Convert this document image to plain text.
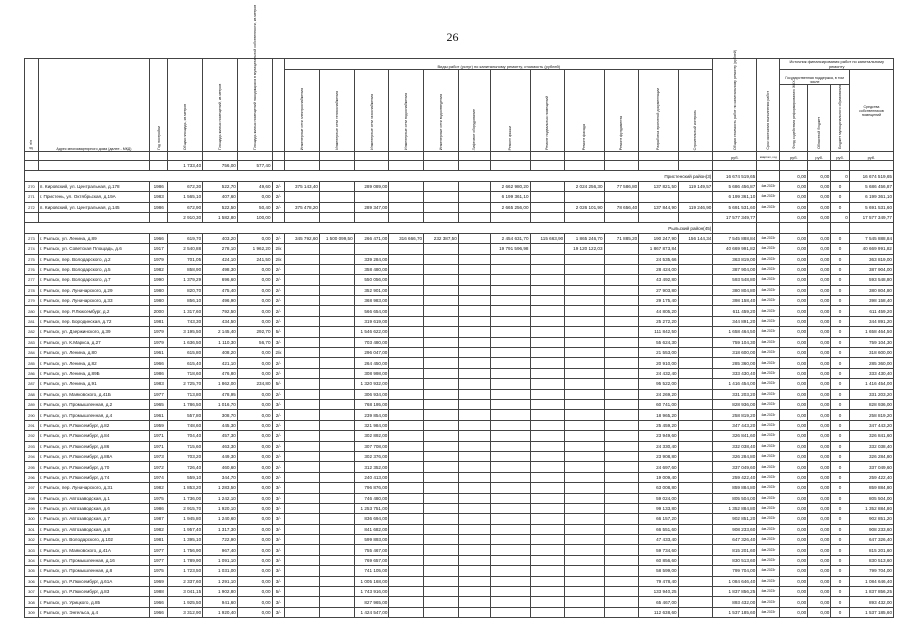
26
№ п/п	Адрес многоквартирного дома (далее - МКД)	Год постройки	Общая площадь, кв.метров	Площадь жилых помещений, кв.метров	Площадь жилых помещений находящихся в муниципальной собственности, кв.метров		Виды работ (услуг) по капитальному ремонту, стоимость (рублей)												Общая стоимость работ по капитальному ремонту (рублей)	Срок окончания выполнения работ	Источник финансирования работ по капитальному ремонту			
							Инженерные сети электроснабжения	Инженерные сети теплоснабжения	Инженерные сети газоснабжения	Инженерные сети водоснабжения	Инженерные сети водоотведения	Лифтовое оборудование	Ремонт крыши	Ремонт подвальных помещений	Ремонт фасада	Ремонт фундамента	Разработка проектной документации	Строительный контроль			Государственная поддержка, в том числе			Средства собственников помещений
																					Фонд содействия реформированию ЖКХ	Областной бюджет	Бюджет муниципального образования	
																			руб.	квартал, год	руб.	руб.	руб.	руб.
			1 733,40	756,00	577,40																			
Пристенский район(3)																			16 674 519,65		0,00	0,00	0	16 674 519,65
270	п. Кировский, ул. Центральная, д.178	1986	672,30	522,70	49,60	2/-	375 143,40		289 089,00				2 662 980,20		2 024 256,30	77 586,80	137 821,50	119 149,57	5 686 456,87	4кв.2023г	0,00	0,00	0	5 686 456,87
271	г. Пристень, ул. Октябрьская, д.19А	1983	1 565,10	407,60	0,00	2/-							6 199 361,10						6 199 361,10	4кв.2023г	0,00	0,00	0	6 199 361,10
272	п. Кировский, ул. Центральная, д.145	1986	672,90	522,50	50,40	2/-	375 478,20		289 347,00				2 665 256,00		2 026 101,90	78 656,40	137 844,90	119 246,90	5 691 531,60	4кв.2023г	0,00	0,00	0	5 691 531,60
			2 910,30	1 582,80	100,00														17 577 349,77		0,00	0,00	0	17 577 349,77
Рыльский район(45)																								
273	г. Рыльск, ул. Ленина, д.89	1966	619,70	403,20	0,00	2/-	345 792,60	1 500 099,50	266 471,00	316 666,70	232 387,50		2 454 631,70	115 663,90	1 865 246,70	71 885,20	190 247,90	156 144,34	7 545 888,84	4кв.2023г	0,00	0,00	0	7 545 888,84
274	г. Рыльск, ул. Советская Площадь, д.6	1917	2 540,88	278,10	1 962,20	2/к							19 791 596,98		19 120 122,03		1 867 873,84		40 669 991,82	4кв.2023г	0,00	0,00	0	40 669 991,82
275	г. Рыльск, пер. Володарского, д.2	1979	701,05	424,10	241,50	2/к			339 284,00								24 535,66		363 819,00	4кв.2023г	0,00	0,00	0	363 819,00
276	г. Рыльск, пер. Володарского, д.5	1982	858,90	498,30	0,00	2/-			358 480,00								28 424,00		387 904,00	4кв.2023г	0,00	0,00	0	387 904,00
277	г. Рыльск, пер. Володарского, д.7	1990	1 379,29	696,60	0,00	2/-			550 056,00								43 492,80		593 548,80	4кв.2023г	0,00	0,00	0	593 548,80
278	г. Рыльск, пер. Луначарского, д.29	1980	820,70	475,40	0,00	2/-			352 901,00								27 903,80		380 804,80	4кв.2023г	0,00	0,00	0	380 804,80
279	г. Рыльск, пер. Луначарского, д.33	1980	856,10	496,90	0,00	2/-			368 983,00								29 175,40		398 158,40	4кв.2023г	0,00	0,00	0	398 158,40
280	г. Рыльск, пер. Р.Люксембург, д.2	2000	1 317,60	792,50	0,00	2/-			566 654,00								44 805,20		611 459,20	4кв.2023г	0,00	0,00	0	611 459,20
281	г. Рыльск, пер. Бородинская, д.72	1981	743,30	434,50	0,00	2/-			319 619,00								25 272,20		344 891,20	4кв.2023г	0,00	0,00	0	344 891,20
282	г. Рыльск, ул. Дзержинского, д.39	1979	3 195,50	2 145,40	292,70	5/-			1 546 622,00								111 842,50		1 658 464,50	4кв.2023г	0,00	0,00	0	1 658 464,50
283	г. Рыльск, ул. К.Маркса, д.27	1979	1 636,50	1 110,30	56,70	3/-			703 480,00								55 624,30		759 104,30	4кв.2023г	0,00	0,00	0	759 104,30
284	г. Рыльск, ул. Ленина, д.80	1961	615,80	408,20	0,00	2/к			296 047,00								21 553,00		318 600,00	4кв.2023г	0,00	0,00	0	318 600,00
285	г. Рыльск, ул. Ленина, д.82	1966	615,40	421,10	0,00	2/-			264 450,00								20 910,00		285 360,00	4кв.2023г	0,00	0,00	0	285 360,00
286	г. Рыльск, ул. Ленина, д.89Б	1986	718,60	476,80	0,00	2/-			308 998,00								24 432,40		333 430,40	4кв.2023г	0,00	0,00	0	333 430,40
287	г. Рыльск, ул. Ленина, д.91	1983	2 725,70	1 862,00	234,80	5/-			1 320 932,00								95 522,00		1 416 454,00	4кв.2023г	0,00	0,00	0	1 416 454,00
288	г. Рыльск, ул. Маяковского, д.41Б	1977	713,80	478,95	0,00	2/-			306 934,00								24 269,20		331 203,20	4кв.2023г	0,00	0,00	0	331 203,20
289	г. Рыльск, ул. Промышленная, д.2	1965	1 786,50	1 016,70	0,00	3/-			768 195,00								60 741,00		828 936,00	4кв.2023г	0,00	0,00	0	828 936,00
290	г. Рыльск, ул. Промышленная, д.4	1961	557,80	308,70	0,00	2/-			239 854,00								18 965,20		258 819,20	4кв.2023г	0,00	0,00	0	258 819,20
291	г. Рыльск, ул. Р.Люксембург, д.82	1959	748,60	445,30	0,00	2/-			321 984,00								25 459,20		347 443,20	4кв.2023г	0,00	0,00	0	347 443,20
292	г. Рыльск, ул. Р.Люксембург, д.84	1971	704,40	457,30	0,00	2/-			302 892,00								23 949,60		326 841,60	4кв.2023г	0,00	0,00	0	326 841,60
293	г. Рыльск, ул. Р.Люксембург, д.86	1971	715,60	463,30	0,00	2/-			307 708,00								24 330,40		332 038,40	4кв.2023г	0,00	0,00	0	332 038,40
294	г. Рыльск, ул. Р.Люксембург, д.88А	1973	703,20	449,30	0,00	2/-			302 376,00								23 908,80		326 284,80	4кв.2023г	0,00	0,00	0	326 284,80
295	г. Рыльск, ул. Р.Люксембург, д.70	1972	726,40	460,60	0,00	2/-			312 352,00								24 697,60		337 049,60	4кв.2023г	0,00	0,00	0	337 049,60
296	г. Рыльск, ул. Р.Люксембург, д.74	1974	559,10	344,70	0,00	2/-			240 413,00								19 009,40		259 422,40	4кв.2023г	0,00	0,00	0	259 422,40
297	г. Рыльск, пер. Луначарского, д.31	1982	1 853,20	1 283,50	0,00	3/-			796 876,00								63 008,80		859 884,80	4кв.2023г	0,00	0,00	0	859 884,80
298	г. Рыльск, ул. Автозаводская, д.1	1975	1 736,00	1 242,10	0,00	3/-			746 480,00								59 024,00		805 504,00	4кв.2023г	0,00	0,00	0	805 504,00
299	г. Рыльск, ул. Автозаводская, д.6	1986	2 915,70	1 920,10	0,00	3/-			1 253 751,00								99 133,80		1 352 884,80	4кв.2023г	0,00	0,00	0	1 352 884,80
300	г. Рыльск, ул. Автозаводская, д.7	1987	1 945,80	1 240,60	0,00	3/-			836 694,00								66 157,20		902 851,20	4кв.2023г	0,00	0,00	0	902 851,20
301	г. Рыльск, ул. Автозаводская, д.8	1982	1 957,40	1 317,30	0,00	3/-			841 682,00								66 551,60		908 233,60	4кв.2023г	0,00	0,00	0	908 233,60
302	г. Рыльск, ул. Володарского, д.102	1981	1 395,10	722,90	0,00	3/-			599 893,00								47 433,40		647 326,40	4кв.2023г	0,00	0,00	0	647 326,40
303	г. Рыльск, ул. Маяковского, д.41А	1977	1 756,90	967,40	0,00	3/-			755 467,00								59 734,60		815 201,60	4кв.2023г	0,00	0,00	0	815 201,60
304	г. Рыльск, ул. Промышленная, д.16	1977	1 789,90	1 091,10	0,00	3/-			769 657,00								60 856,60		830 513,60	4кв.2023г	0,00	0,00	0	830 513,60
305	г. Рыльск, ул. Промышленная, д.8	1975	1 723,50	1 031,00	0,00	3/-			741 105,00								58 599,00		799 704,00	4кв.2023г	0,00	0,00	0	799 704,00
306	г. Рыльск, ул. Р.Люксембург, д.61А	1969	2 337,60	1 291,10	0,00	3/-			1 005 168,00								79 478,40		1 084 646,40	4кв.2023г	0,00	0,00	0	1 084 646,40
307	г. Рыльск, ул. Р.Люксембург, д.83	1988	3 041,15	1 902,80	0,00	5/-			1 743 916,00								133 940,25		1 837 856,25	4кв.2023г	0,00	0,00	0	1 837 856,25
308	г. Рыльск, ул. Урицкого, д.85	1966	1 925,50	941,60	0,00	3/-			827 965,00								65 467,00		893 432,00	4кв.2023г	0,00	0,00	0	893 432,00
309	г. Рыльск, ул. Энгельса, д.4	1966	3 312,90	1 920,40	0,00	3/-			1 424 547,00								112 638,60		1 537 185,60	4кв.2023г	0,00	0,00	0	1 537 185,60
